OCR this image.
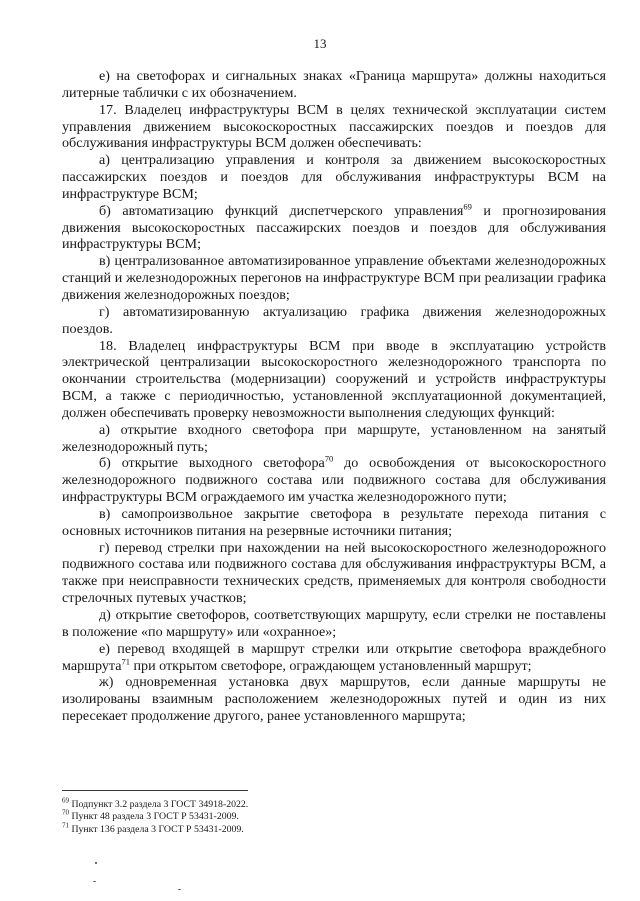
13

е) на светофорах и сигнальных знаках «Граница маршрута» должны находиться литерные таблички с их обозначением.

17. Владелец инфраструктуры ВСМ в целях технической эксплуатации систем управления движением высокоскоростных пассажирских поездов и поездов для обслуживания инфраструктуры ВСМ должен обеспечивать:

а) централизацию управления и контроля за движением высокоскоростных пассажирских поездов и поездов для обслуживания инфраструктуры ВСМ на инфраструктуре ВСМ;

б) автоматизацию функций диспетчерского управления$^{69}$ и прогнозирования движения высокоскоростных пассажирских поездов и поездов для обслуживания инфраструктуры ВСМ;

в) централизованное автоматизированное управление объектами железнодорожных станций и железнодорожных перегонов на инфраструктуре ВСМ при реализации графика движения железнодорожных поездов;

г) автоматизированную актуализацию графика движения железнодорожных поездов.

18. Владелец инфраструктуры ВСМ при вводе в эксплуатацию устройств электрической централизации высокоскоростного железнодорожного транспорта по окончании строительства (модернизации) сооружений и устройств инфраструктуры ВСМ, а также с периодичностью, установленной эксплуатационной документацией, должен обеспечивать проверку невозможности выполнения следующих функций:

а) открытие входного светофора при маршруте, установленном на занятый железнодорожный путь;

б) открытие выходного светофора$^{70}$ до освобождения от высокоскоростного железнодорожного подвижного состава или подвижного состава для обслуживания инфраструктуры ВСМ ограждаемого им участка железнодорожного пути;

в) самопроизвольное закрытие светофора в результате перехода питания с основных источников питания на резервные источники питания;

г) перевод стрелки при нахождении на ней высокоскоростного железнодорожного подвижного состава или подвижного состава для обслуживания инфраструктуры ВСМ, а также при неисправности технических средств, применяемых для контроля свободности стрелочных путевых участков;

д) открытие светофоров, соответствующих маршруту, если стрелки не поставлены в положение «по маршруту» или «охранное»;

е) перевод входящей в маршрут стрелки или открытие светофора враждебного маршрута$^{71}$ при открытом светофоре, ограждающем установленный маршрут;

ж) одновременная установка двух маршрутов, если данные маршруты не изолированы взаимным расположением железнодорожных путей и один из них пересекает продолжение другого, ранее установленного маршрута;

$^{69}$ Подпункт 3.2 раздела 3 ГОСТ 34918-2022.
$^{70}$ Пункт 48 раздела 3 ГОСТ Р 53431-2009.
$^{71}$ Пункт 136 раздела 3 ГОСТ Р 53431-2009.
